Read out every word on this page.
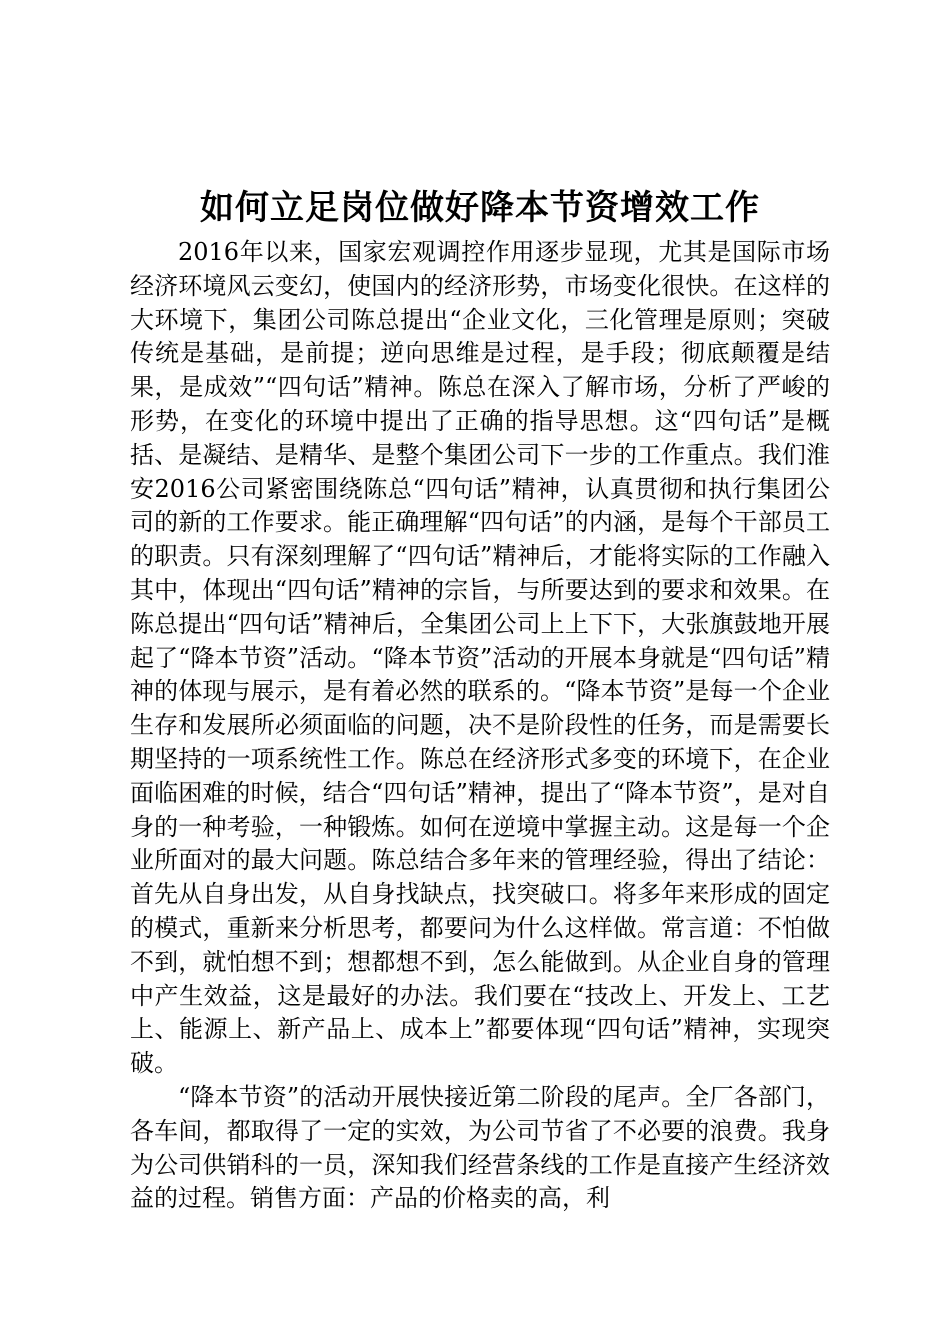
如何立足岗位做好降本节资增效工作

2016年以来，国家宏观调控作用逐步显现，尤其是国际市场经济环境风云变幻，使国内的经济形势，市场变化很快。在这样的大环境下，集团公司陈总提出“企业文化，三化管理是原则；突破传统是基础，是前提；逆向思维是过程，是手段；彻底颠覆是结果，是成效”“四句话”精神。陈总在深入了解市场，分析了严峻的形势，在变化的环境中提出了正确的指导思想。这“四句话”是概括、是凝结、是精华、是整个集团公司下一步的工作重点。我们淮安2016公司紧密围绕陈总“四句话”精神，认真贯彻和执行集团公司的新的工作要求。能正确理解“四句话”的内涵，是每个干部员工的职责。只有深刻理解了“四句话”精神后，才能将实际的工作融入其中，体现出“四句话”精神的宗旨，与所要达到的要求和效果。在陈总提出“四句话”精神后，全集团公司上上下下，大张旗鼓地开展起了“降本节资”活动。“降本节资”活动的开展本身就是“四句话”精神的体现与展示，是有着必然的联系的。“降本节资”是每一个企业生存和发展所必须面临的问题，决不是阶段性的任务，而是需要长期坚持的一项系统性工作。陈总在经济形式多变的环境下，在企业面临困难的时候，结合“四句话”精神，提出了“降本节资”，是对自身的一种考验，一种锻炼。如何在逆境中掌握主动。这是每一个企业所面对的最大问题。陈总结合多年来的管理经验，得出了结论：首先从自身出发，从自身找缺点，找突破口。将多年来形成的固定的模式，重新来分析思考，都要问为什么这样做。常言道：不怕做不到，就怕想不到；想都想不到，怎么能做到。从企业自身的管理中产生效益，这是最好的办法。我们要在“技改上、开发上、工艺上、能源上、新产品上、成本上”都要体现“四句话”精神，实现突破。

“降本节资”的活动开展快接近第二阶段的尾声。全厂各部门，各车间，都取得了一定的实效，为公司节省了不必要的浪费。我身为公司供销科的一员，深知我们经营条线的工作是直接产生经济效益的过程。销售方面：产品的价格卖的高，利
